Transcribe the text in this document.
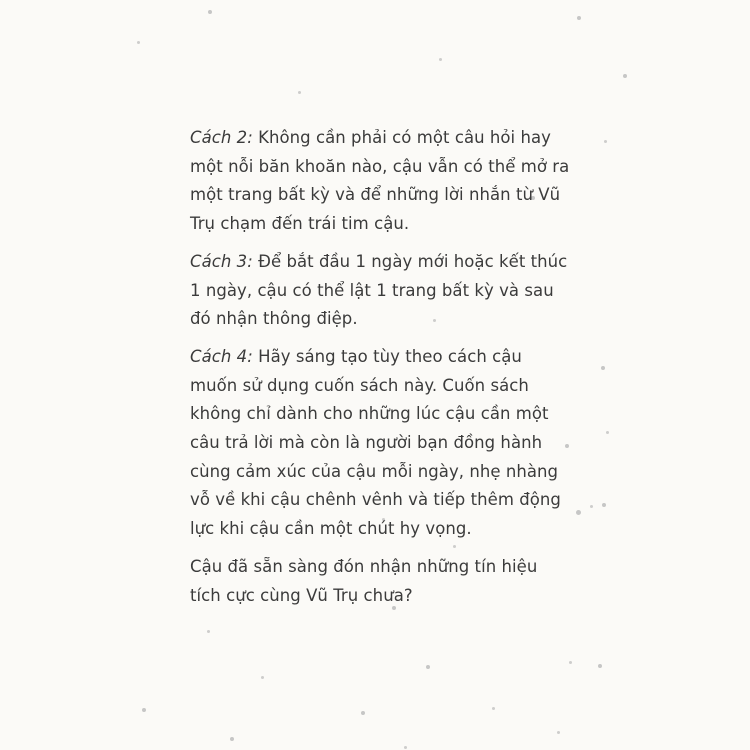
Cách 2: Không cần phải có một câu hỏi hay một nỗi băn khoăn nào, cậu vẫn có thể mở ra một trang bất kỳ và để những lời nhắn từ Vũ Trụ chạm đến trái tim cậu.

Cách 3: Để bắt đầu 1 ngày mới hoặc kết thúc 1 ngày, cậu có thể lật 1 trang bất kỳ và sau đó nhận thông điệp.

Cách 4: Hãy sáng tạo tùy theo cách cậu muốn sử dụng cuốn sách này. Cuốn sách không chỉ dành cho những lúc cậu cần một câu trả lời mà còn là người bạn đồng hành cùng cảm xúc của cậu mỗi ngày, nhẹ nhàng vỗ về khi cậu chênh vênh và tiếp thêm động lực khi cậu cần một chút hy vọng.

Cậu đã sẵn sàng đón nhận những tín hiệu tích cực cùng Vũ Trụ chưa?
